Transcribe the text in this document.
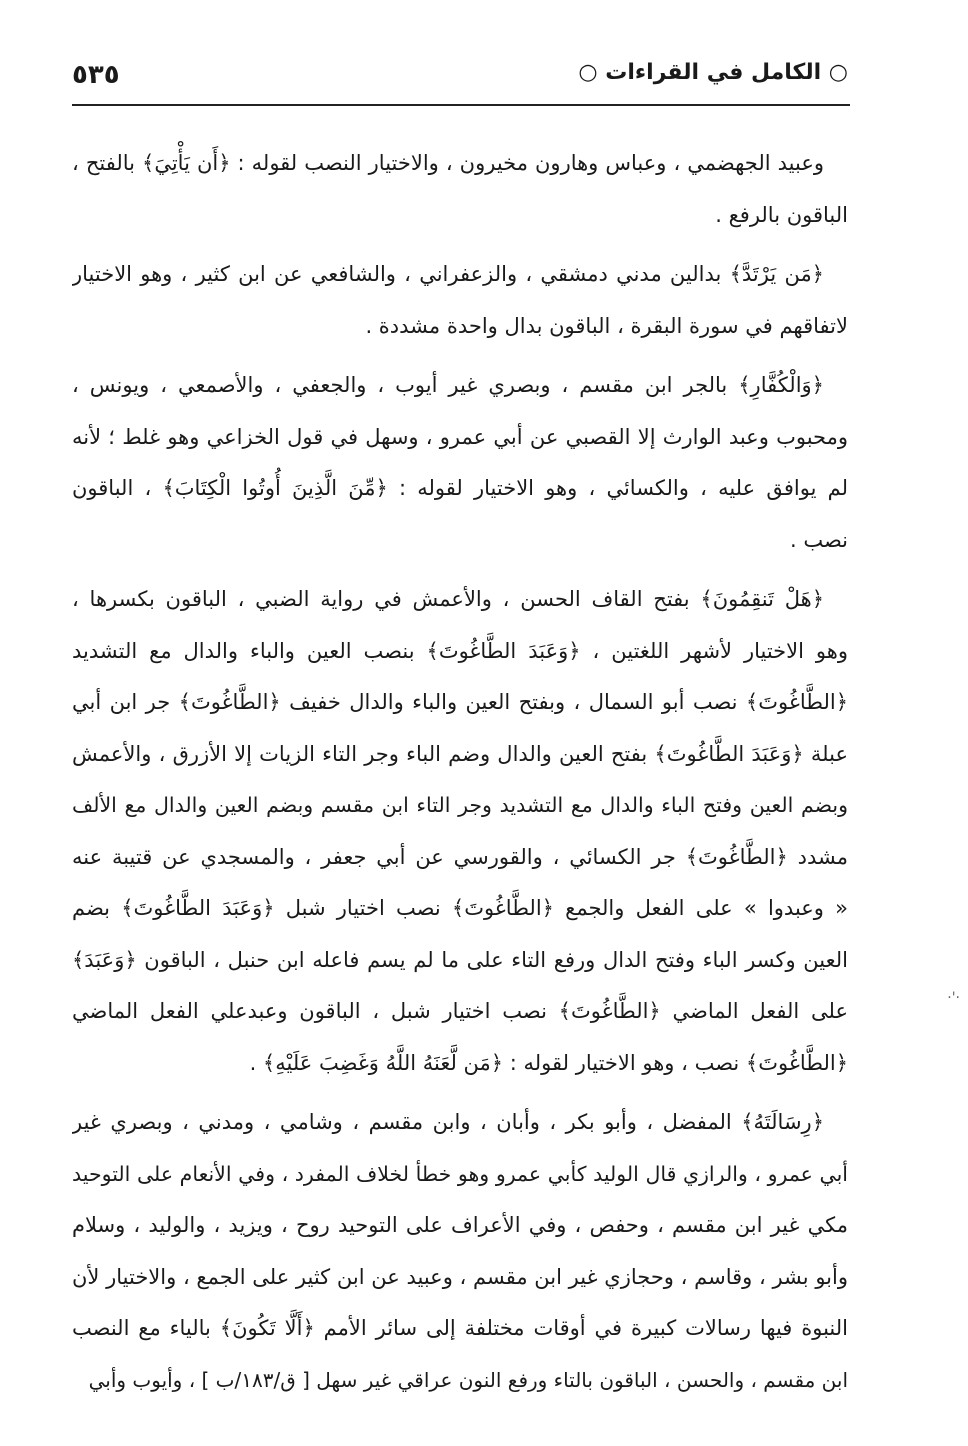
○ الكامل في القراءات ○
٥٣٥
وعبيد الجهضمي ، وعباس وهارون مخيرون ، والاختيار النصب لقوله : ﴿أَن يَأْتِيَ﴾ بالفتح ،
الباقون بالرفع .
﴿مَن يَرْتَدَّ﴾ بدالين مدني دمشقي ، والزعفراني ، والشافعي عن ابن كثير ، وهو الاختيار
لاتفاقهم في سورة البقرة ، الباقون بدال واحدة مشددة .
﴿وَالْكُفَّارِ﴾ بالجر ابن مقسم ، وبصري غير أيوب ، والجعفي ، والأصمعي ، ويونس ،
ومحبوب وعبد الوارث إلا القصبي عن أبي عمرو ، وسهل في قول الخزاعي وهو غلط ؛ لأنه
لم يوافق عليه ، والكسائي ، وهو الاختيار لقوله : ﴿مِّنَ الَّذِينَ أُوتُوا الْكِتَابَ﴾ ، الباقون
نصب .
﴿هَلْ تَنقِمُونَ﴾ بفتح القاف الحسن ، والأعمش في رواية الضبي ، الباقون بكسرها ،
وهو الاختيار لأشهر اللغتين ، ﴿وَعَبَدَ الطَّاغُوتَ﴾ بنصب العين والباء والدال مع التشديد
﴿الطَّاغُوتَ﴾ نصب أبو السمال ، وبفتح العين والباء والدال خفيف ﴿الطَّاغُوتَ﴾ جر ابن أبي
عبلة ﴿وَعَبَدَ الطَّاغُوتَ﴾ بفتح العين والدال وضم الباء وجر التاء الزيات إلا الأزرق ، والأعمش
وبضم العين وفتح الباء والدال مع التشديد وجر التاء ابن مقسم وبضم العين والدال مع الألف
مشدد ﴿الطَّاغُوتَ﴾ جر الكسائي ، والقورسي عن أبي جعفر ، والمسجدي عن قتيبة عنه
« وعبدوا » على الفعل والجمع ﴿الطَّاغُوتَ﴾ نصب اختيار شبل ﴿وَعَبَدَ الطَّاغُوتَ﴾ بضم
العين وكسر الباء وفتح الدال ورفع التاء على ما لم يسم فاعله ابن حنبل ، الباقون ﴿وَعَبَدَ﴾
على الفعل الماضي ﴿الطَّاغُوتَ﴾ نصب اختيار شبل ، الباقون وعبدعلي الفعل الماضي
﴿الطَّاغُوتَ﴾ نصب ، وهو الاختيار لقوله : ﴿مَن لَّعَنَهُ اللَّهُ وَغَضِبَ عَلَيْهِ﴾ .
﴿رِسَالَتَهُ﴾ المفضل ، وأبو بكر ، وأبان ، وابن مقسم ، وشامي ، ومدني ، وبصري غير
أبي عمرو ، والرازي قال الوليد كأبي عمرو وهو خطأ لخلاف المفرد ، وفي الأنعام على التوحيد
مكي غير ابن مقسم ، وحفص ، وفي الأعراف على التوحيد روح ، ويزيد ، والوليد ، وسلام
وأبو بشر ، وقاسم ، وحجازي غير ابن مقسم ، وعبيد عن ابن كثير على الجمع ، والاختيار لأن
النبوة فيها رسالات كبيرة في أوقات مختلفة إلى سائر الأمم ﴿أَلَّا تَكُونَ﴾ بالياء مع النصب
ابن مقسم ، والحسن ، الباقون بالتاء ورفع النون عراقي غير سهل [ ق/١٨٣/ب ] ، وأيوب وأبي
·'·
